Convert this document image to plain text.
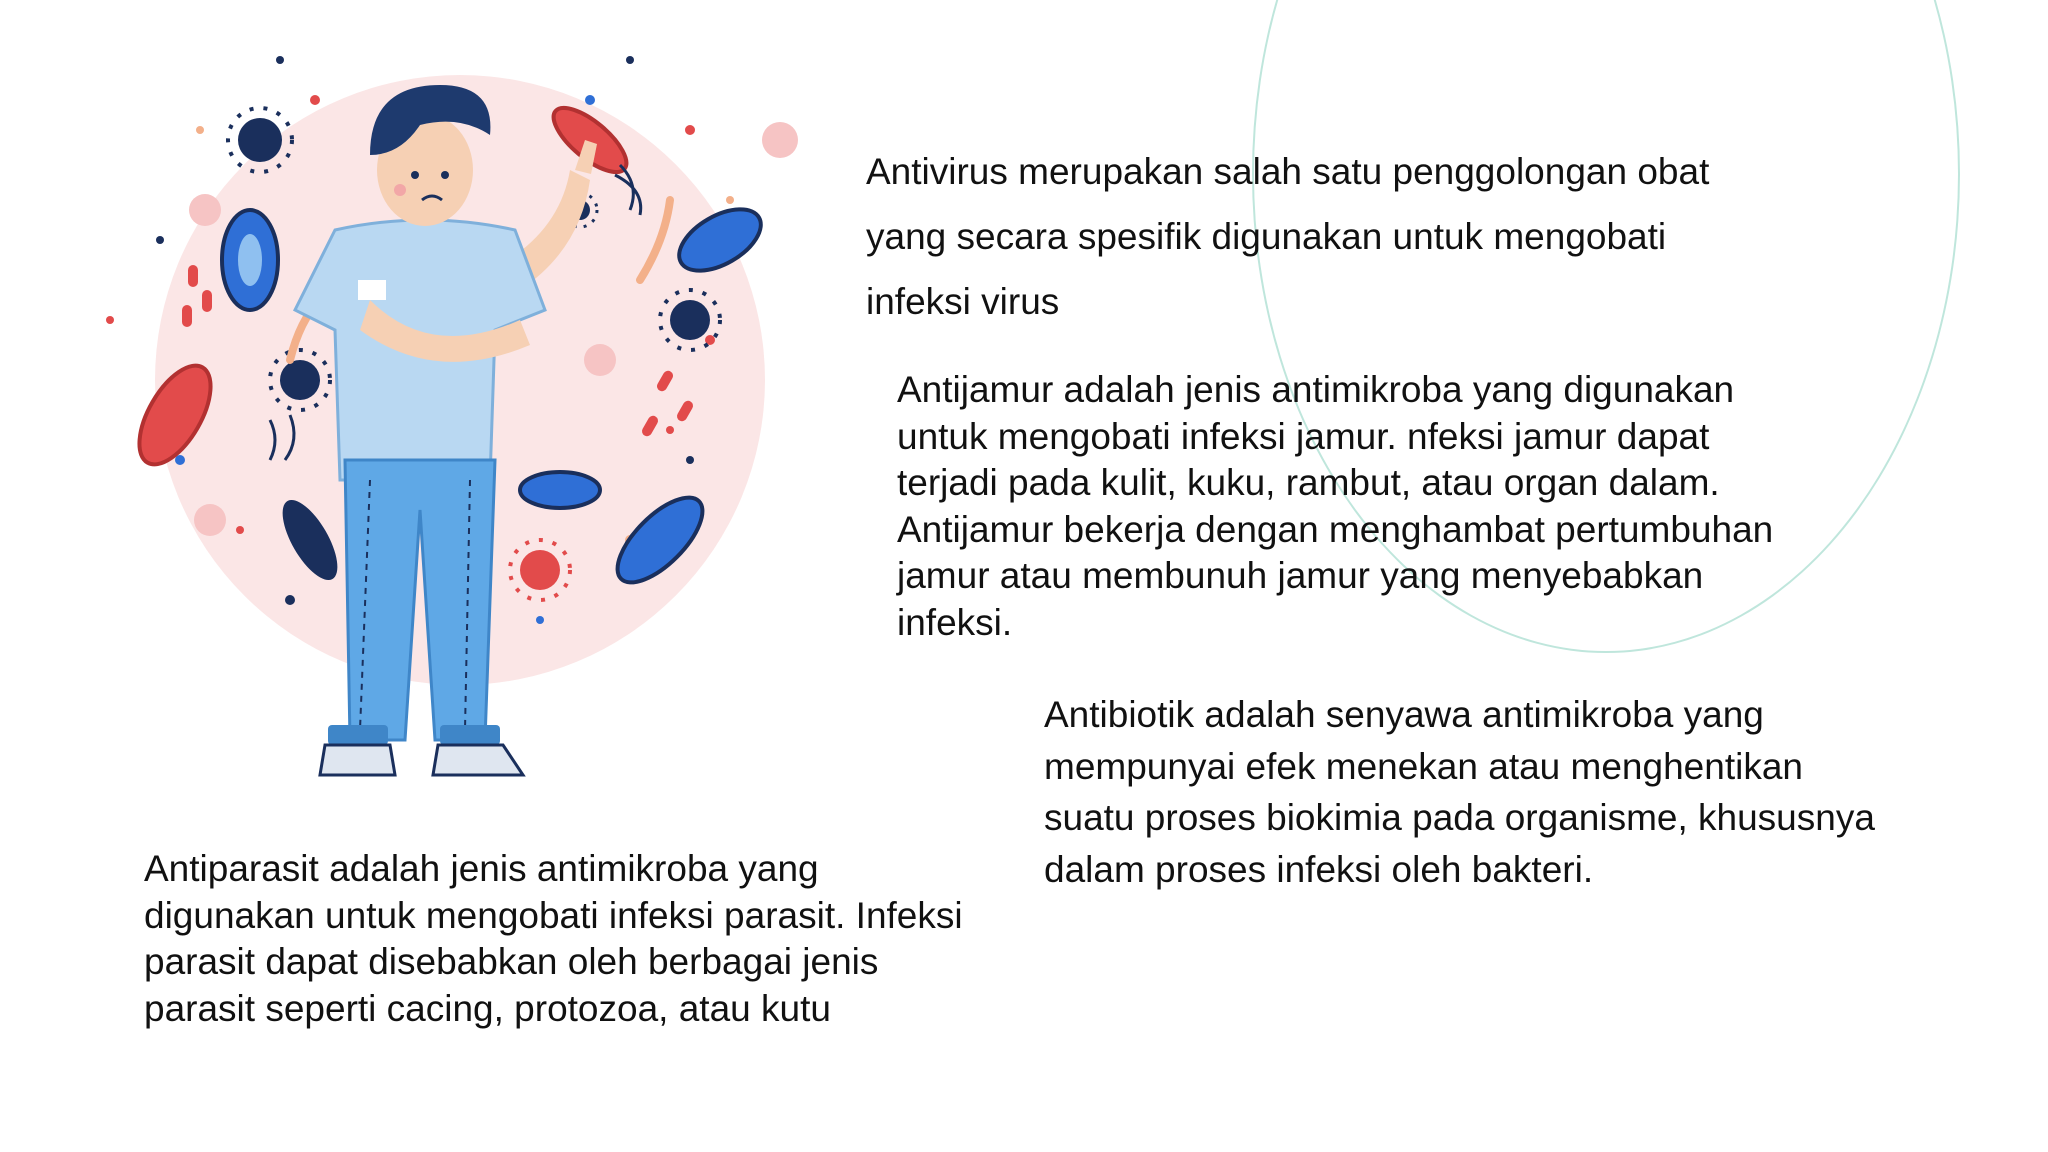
Antivirus merupakan salah satu penggolongan obat
yang secara spesifik digunakan untuk mengobati
infeksi virus

Antijamur adalah jenis antimikroba yang digunakan
untuk mengobati infeksi jamur. nfeksi jamur dapat
terjadi pada kulit, kuku, rambut, atau organ dalam.
Antijamur bekerja dengan menghambat pertumbuhan
jamur atau membunuh jamur yang menyebabkan
infeksi.

Antibiotik adalah senyawa antimikroba yang
mempunyai efek menekan atau menghentikan
suatu proses biokimia pada organisme, khususnya
dalam proses infeksi oleh bakteri.

Antiparasit adalah jenis antimikroba yang
digunakan untuk mengobati infeksi parasit. Infeksi
parasit dapat disebabkan oleh berbagai jenis
parasit seperti cacing, protozoa, atau kutu
